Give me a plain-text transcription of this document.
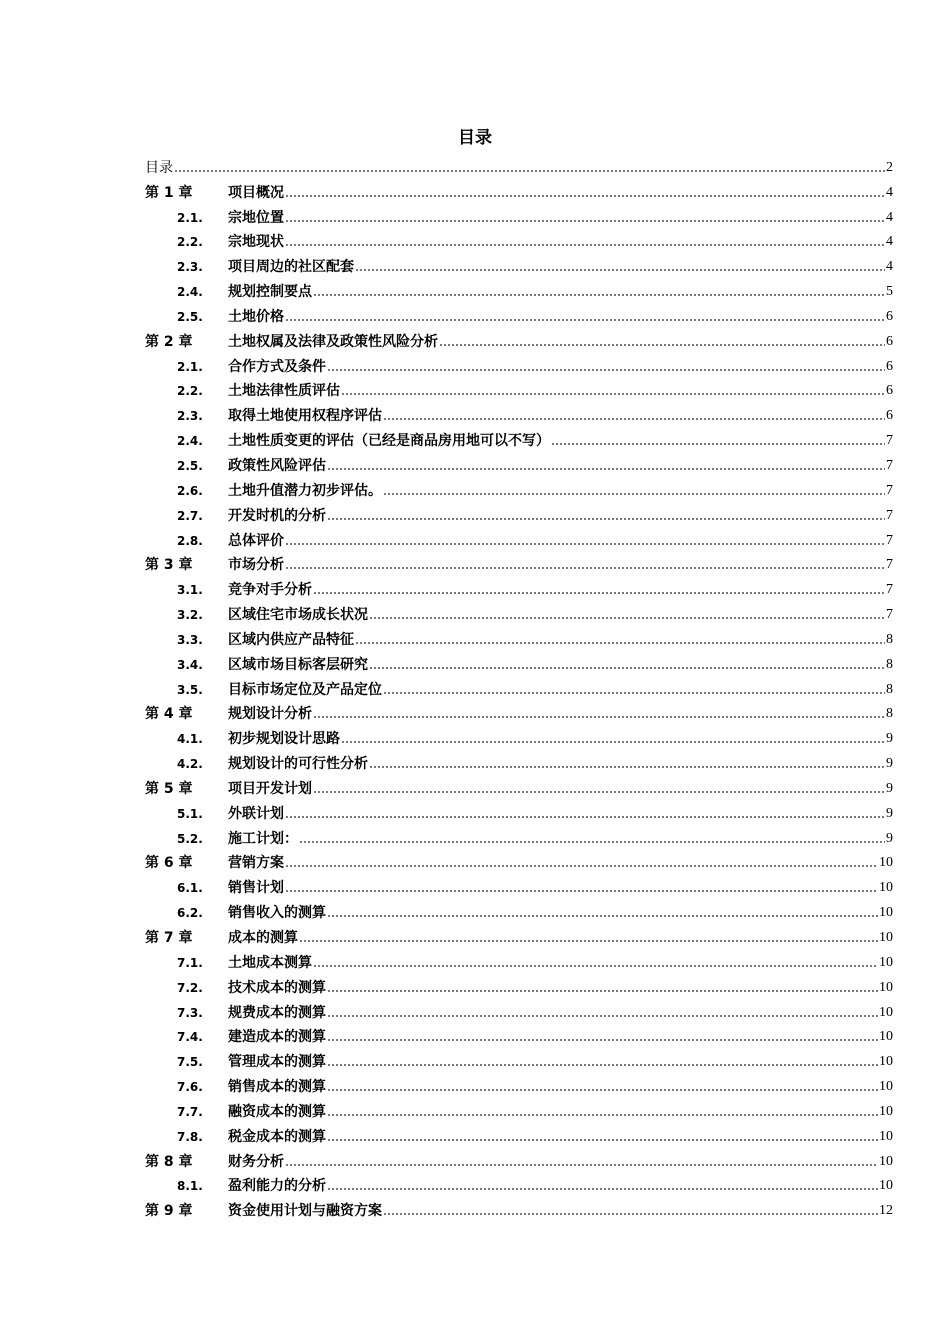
目录
目录	2
第 1 章	项目概况	4
2.1.	宗地位置	4
2.2.	宗地现状	4
2.3.	项目周边的社区配套	4
2.4.	规划控制要点	5
2.5.	土地价格	6
第 2 章	土地权属及法律及政策性风险分析	6
2.1.	合作方式及条件	6
2.2.	土地法律性质评估	6
2.3.	取得土地使用权程序评估	6
2.4.	土地性质变更的评估（已经是商品房用地可以不写）	7
2.5.	政策性风险评估	7
2.6.	土地升值潜力初步评估。	7
2.7.	开发时机的分析	7
2.8.	总体评价	7
第 3 章	市场分析	7
3.1.	竞争对手分析	7
3.2.	区域住宅市场成长状况	7
3.3.	区域内供应产品特征	8
3.4.	区域市场目标客层研究	8
3.5.	目标市场定位及产品定位	8
第 4 章	规划设计分析	8
4.1.	初步规划设计思路	9
4.2.	规划设计的可行性分析	9
第 5 章	项目开发计划	9
5.1.	外联计划	9
5.2.	施工计划：	9
第 6 章	营销方案	10
6.1.	销售计划	10
6.2.	销售收入的测算	10
第 7 章	成本的测算	10
7.1.	土地成本测算	10
7.2.	技术成本的测算	10
7.3.	规费成本的测算	10
7.4.	建造成本的测算	10
7.5.	管理成本的测算	10
7.6.	销售成本的测算	10
7.7.	融资成本的测算	10
7.8.	税金成本的测算	10
第 8 章	财务分析	10
8.1.	盈利能力的分析	10
第 9 章	资金使用计划与融资方案	12
